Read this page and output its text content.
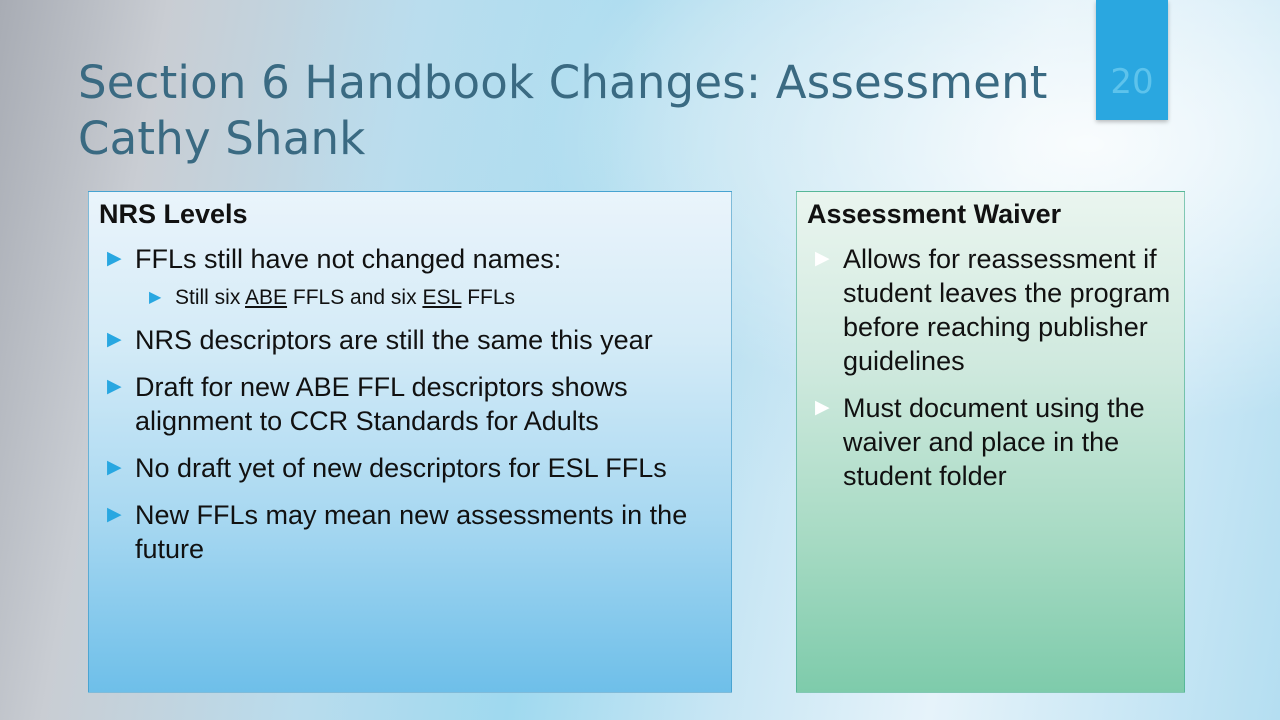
Section 6 Handbook Changes: Assessment
Cathy Shank
20
NRS Levels
▶ FFLs still have not changed names:
▶ Still six ABE FFLS and six ESL FFLs
▶ NRS descriptors are still the same this year
▶ Draft for new ABE FFL descriptors shows alignment to CCR Standards for Adults
▶ No draft yet of new descriptors for ESL FFLs
▶ New FFLs may mean new assessments in the future
Assessment Waiver
▶ Allows for reassessment if student leaves the program before reaching publisher guidelines
▶ Must document using the waiver and place in the student folder
